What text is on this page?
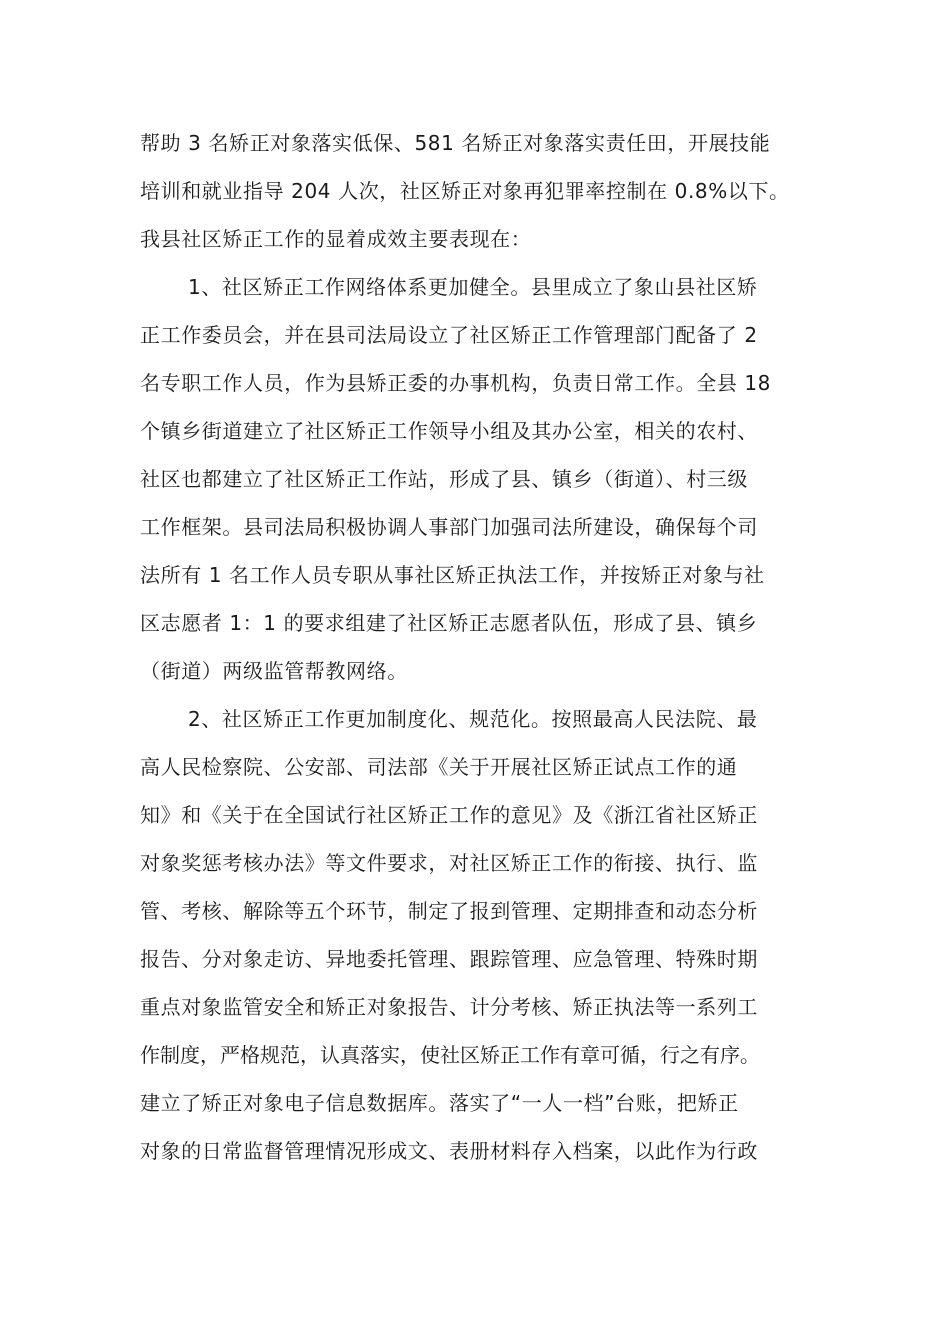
帮助 3 名矫正对象落实低保、581 名矫正对象落实责任田，开展技能
培训和就业指导 204 人次，社区矫正对象再犯罪率控制在 0.8%以下。
我县社区矫正工作的显着成效主要表现在：
1、社区矫正工作网络体系更加健全。县里成立了象山县社区矫
正工作委员会，并在县司法局设立了社区矫正工作管理部门配备了 2
名专职工作人员，作为县矫正委的办事机构，负责日常工作。全县 18
个镇乡街道建立了社区矫正工作领导小组及其办公室，相关的农村、
社区也都建立了社区矫正工作站，形成了县、镇乡（街道）、村三级
工作框架。县司法局积极协调人事部门加强司法所建设，确保每个司
法所有 1 名工作人员专职从事社区矫正执法工作，并按矫正对象与社
区志愿者 1：1 的要求组建了社区矫正志愿者队伍，形成了县、镇乡
（街道）两级监管帮教网络。
2、社区矫正工作更加制度化、规范化。按照最高人民法院、最
高人民检察院、公安部、司法部《关于开展社区矫正试点工作的通
知》和《关于在全国试行社区矫正工作的意见》及《浙江省社区矫正
对象奖惩考核办法》等文件要求，对社区矫正工作的衔接、执行、监
管、考核、解除等五个环节，制定了报到管理、定期排查和动态分析
报告、分对象走访、异地委托管理、跟踪管理、应急管理、特殊时期
重点对象监管安全和矫正对象报告、计分考核、矫正执法等一系列工
作制度，严格规范，认真落实，使社区矫正工作有章可循，行之有序。
建立了矫正对象电子信息数据库。落实了“一人一档”台账，把矫正
对象的日常监督管理情况形成文、表册材料存入档案，以此作为行政
